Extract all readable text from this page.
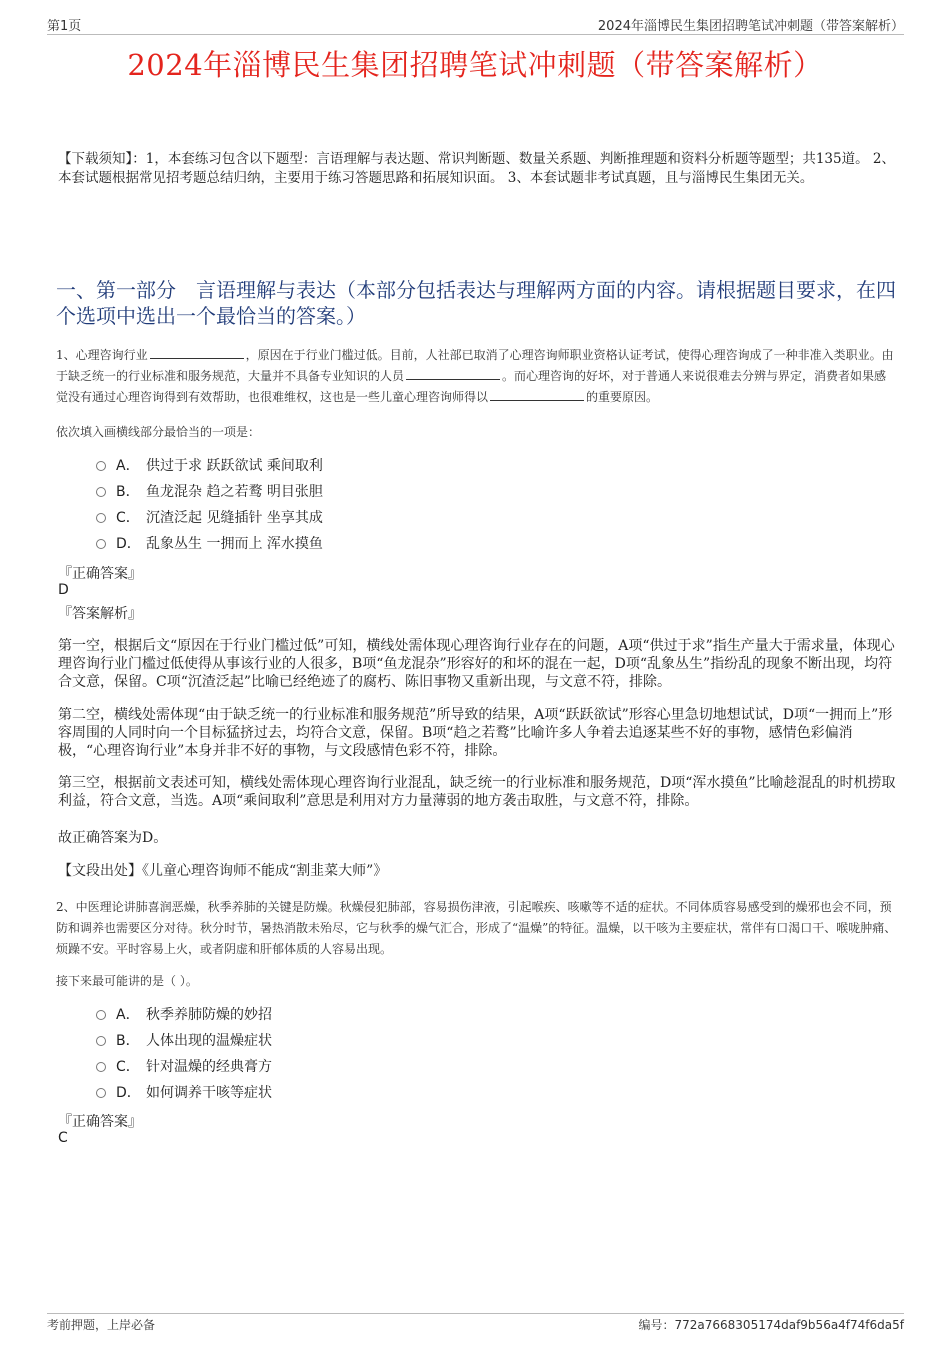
第1页	2024年淄博民生集团招聘笔试冲刺题（带答案解析）
2024年淄博民生集团招聘笔试冲刺题（带答案解析）
【下载须知】：1，本套练习包含以下题型：言语理解与表达题、常识判断题、数量关系题、判断推理题和资料分析题等题型；共135道。 2、本套试题根据常见招考题总结归纳，主要用于练习答题思路和拓展知识面。 3、本套试题非考试真题，且与淄博民生集团无关。
一、第一部分　言语理解与表达（本部分包括表达与理解两方面的内容。请根据题目要求，在四个选项中选出一个最恰当的答案。）
1、心理咨询行业	，原因在于行业门槛过低。目前，人社部已取消了心理咨询师职业资格认证考试，使得心理咨询成了一种非准入类职业。由于缺乏统一的行业标准和服务规范，大量并不具备专业知识的人员	。而心理咨询的好坏，对于普通人来说很难去分辨与界定，消费者如果感觉没有通过心理咨询得到有效帮助，也很难维权，这也是一些儿童心理咨询师得以	的重要原因。
依次填入画横线部分最恰当的一项是：
A． 供过于求 跃跃欲试 乘间取利
B． 鱼龙混杂 趋之若鹜 明目张胆
C． 沉渣泛起 见缝插针 坐享其成
D． 乱象丛生 一拥而上 浑水摸鱼
『正确答案』
D
『答案解析』
第一空，根据后文“原因在于行业门槛过低”可知，横线处需体现心理咨询行业存在的问题，A项“供过于求”指生产量大于需求量，体现心理咨询行业门槛过低使得从事该行业的人很多，B项“鱼龙混杂”形容好的和坏的混在一起，D项“乱象丛生”指纷乱的现象不断出现，均符合文意，保留。C项“沉渣泛起”比喻已经绝迹了的腐朽、陈旧事物又重新出现，与文意不符，排除。
第二空，横线处需体现“由于缺乏统一的行业标准和服务规范”所导致的结果，A项“跃跃欲试”形容心里急切地想试试，D项“一拥而上”形容周围的人同时向一个目标猛挤过去，均符合文意，保留。B项“趋之若鹜”比喻许多人争着去追逐某些不好的事物，感情色彩偏消极，“心理咨询行业”本身并非不好的事物，与文段感情色彩不符，排除。
第三空，根据前文表述可知，横线处需体现心理咨询行业混乱，缺乏统一的行业标准和服务规范，D项“浑水摸鱼”比喻趁混乱的时机捞取利益，符合文意，当选。A项“乘间取利”意思是利用对方力量薄弱的地方袭击取胜，与文意不符，排除。
故正确答案为D。
【文段出处】《儿童心理咨询师不能成“割韭菜大师”》
2、中医理论讲肺喜润恶燥，秋季养肺的关键是防燥。秋燥侵犯肺部，容易损伤津液，引起喉疾、咳嗽等不适的症状。不同体质容易感受到的燥邪也会不同，预防和调养也需要区分对待。秋分时节，暑热消散未殆尽，它与秋季的燥气汇合，形成了“温燥”的特征。温燥，以干咳为主要症状，常伴有口渴口干、喉咙肿痛、烦躁不安。平时容易上火，或者阴虚和肝郁体质的人容易出现。
接下来最可能讲的是（ ）。
A． 秋季养肺防燥的妙招
B． 人体出现的温燥症状
C． 针对温燥的经典膏方
D． 如何调养干咳等症状
『正确答案』
C
考前押题，上岸必备	编号：772a7668305174daf9b56a4f74f6da5f
